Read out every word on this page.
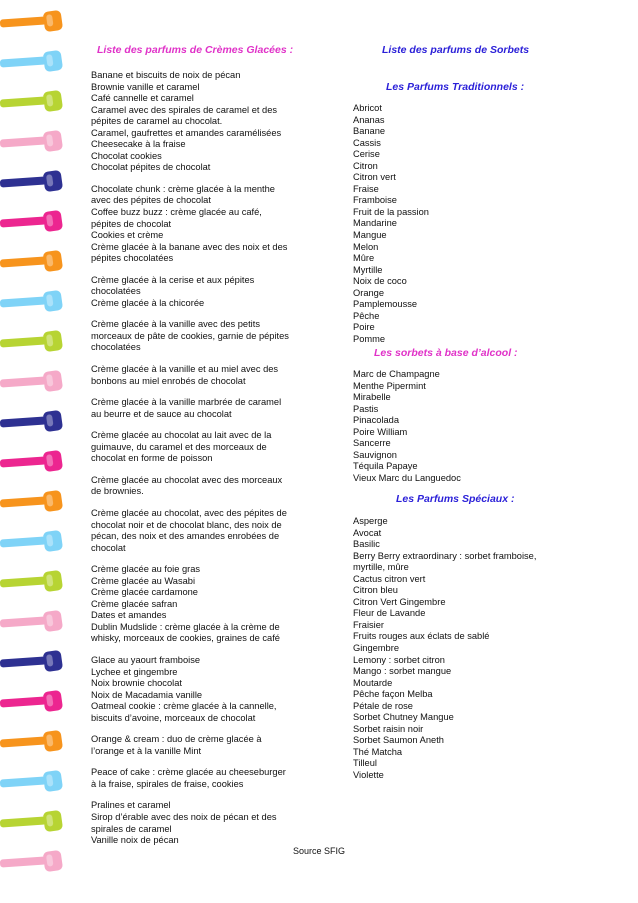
Liste des parfums de Crèmes Glacées :
Banane et biscuits de noix de pécan
Brownie vanille et caramel
Café cannelle et caramel
Caramel avec des spirales de caramel et des
pépites de caramel au chocolat.
Caramel, gaufrettes et amandes caramélisées
Cheesecake à la fraise
Chocolat cookies
Chocolat pépites de chocolat
Chocolate chunk : crème glacée à la menthe
avec des pépites de chocolat
Coffee buzz buzz : crème glacée au café,
pépites de chocolat
Cookies et crème
Crème glacée à la banane avec des noix et des
pépites chocolatées
Crème glacée à la cerise et aux pépites
chocolatées
Crème glacée à la chicorée
Crème glacée à la vanille avec des petits
morceaux de pâte de cookies, garnie de pépites
chocolatées
Crème glacée à la vanille et au miel avec des
bonbons au miel enrobés de chocolat
Crème glacée à la vanille marbrée de caramel
au beurre et de sauce au chocolat
Crème glacée au chocolat au lait avec de la
guimauve, du caramel et des morceaux de
chocolat en forme de poisson
Crème glacée au chocolat avec des morceaux
de brownies.
Crème glacée au chocolat, avec des pépites de
chocolat noir et de chocolat blanc, des noix de
pécan, des noix et des amandes enrobées de
chocolat
Crème glacée au foie gras
Crème glacée au Wasabi
Crème glacée cardamone
Crème glacée safran
Dates et amandes
Dublin Mudslide : crème glacée à la crème de
whisky, morceaux de cookies, graines de café
Glace au yaourt framboise
Lychee et gingembre
Noix brownie chocolat
Noix de Macadamia vanille
Oatmeal cookie : crème glacée à la cannelle,
biscuits d’avoine, morceaux de chocolat
Orange & cream : duo de crème glacée à
l’orange et à la vanille Mint
Peace of cake : crème glacée au cheeseburger
à la fraise, spirales de fraise, cookies
Pralines et caramel
Sirop d’érable avec des noix de pécan et des
spirales de caramel
Vanille noix de pécan
Liste des parfums de Sorbets
Les Parfums Traditionnels :
Abricot
Ananas
Banane
Cassis
Cerise
Citron
Citron vert
Fraise
Framboise
Fruit de la passion
Mandarine
Mangue
Melon
Mûre
Myrtille
Noix de coco
Orange
Pamplemousse
Pêche
Poire
Pomme
Les sorbets à base d’alcool :
Marc de Champagne
Menthe Pipermint
Mirabelle
Pastis
Pinacolada
Poire William
Sancerre
Sauvignon
Téquila Papaye
Vieux Marc du Languedoc
Les Parfums Spéciaux :
Asperge
Avocat
Basilic
Berry Berry extraordinary : sorbet framboise,
myrtille, mûre
Cactus citron vert
Citron bleu
Citron Vert Gingembre
Fleur de Lavande
Fraisier
Fruits rouges aux éclats de sablé
Gingembre
Lemony : sorbet citron
Mango : sorbet mangue
Moutarde
Pêche façon Melba
Pétale de rose
Sorbet Chutney Mangue
Sorbet raisin noir
Sorbet Saumon Aneth
Thé Matcha
Tilleul
Violette
Source SFIG
